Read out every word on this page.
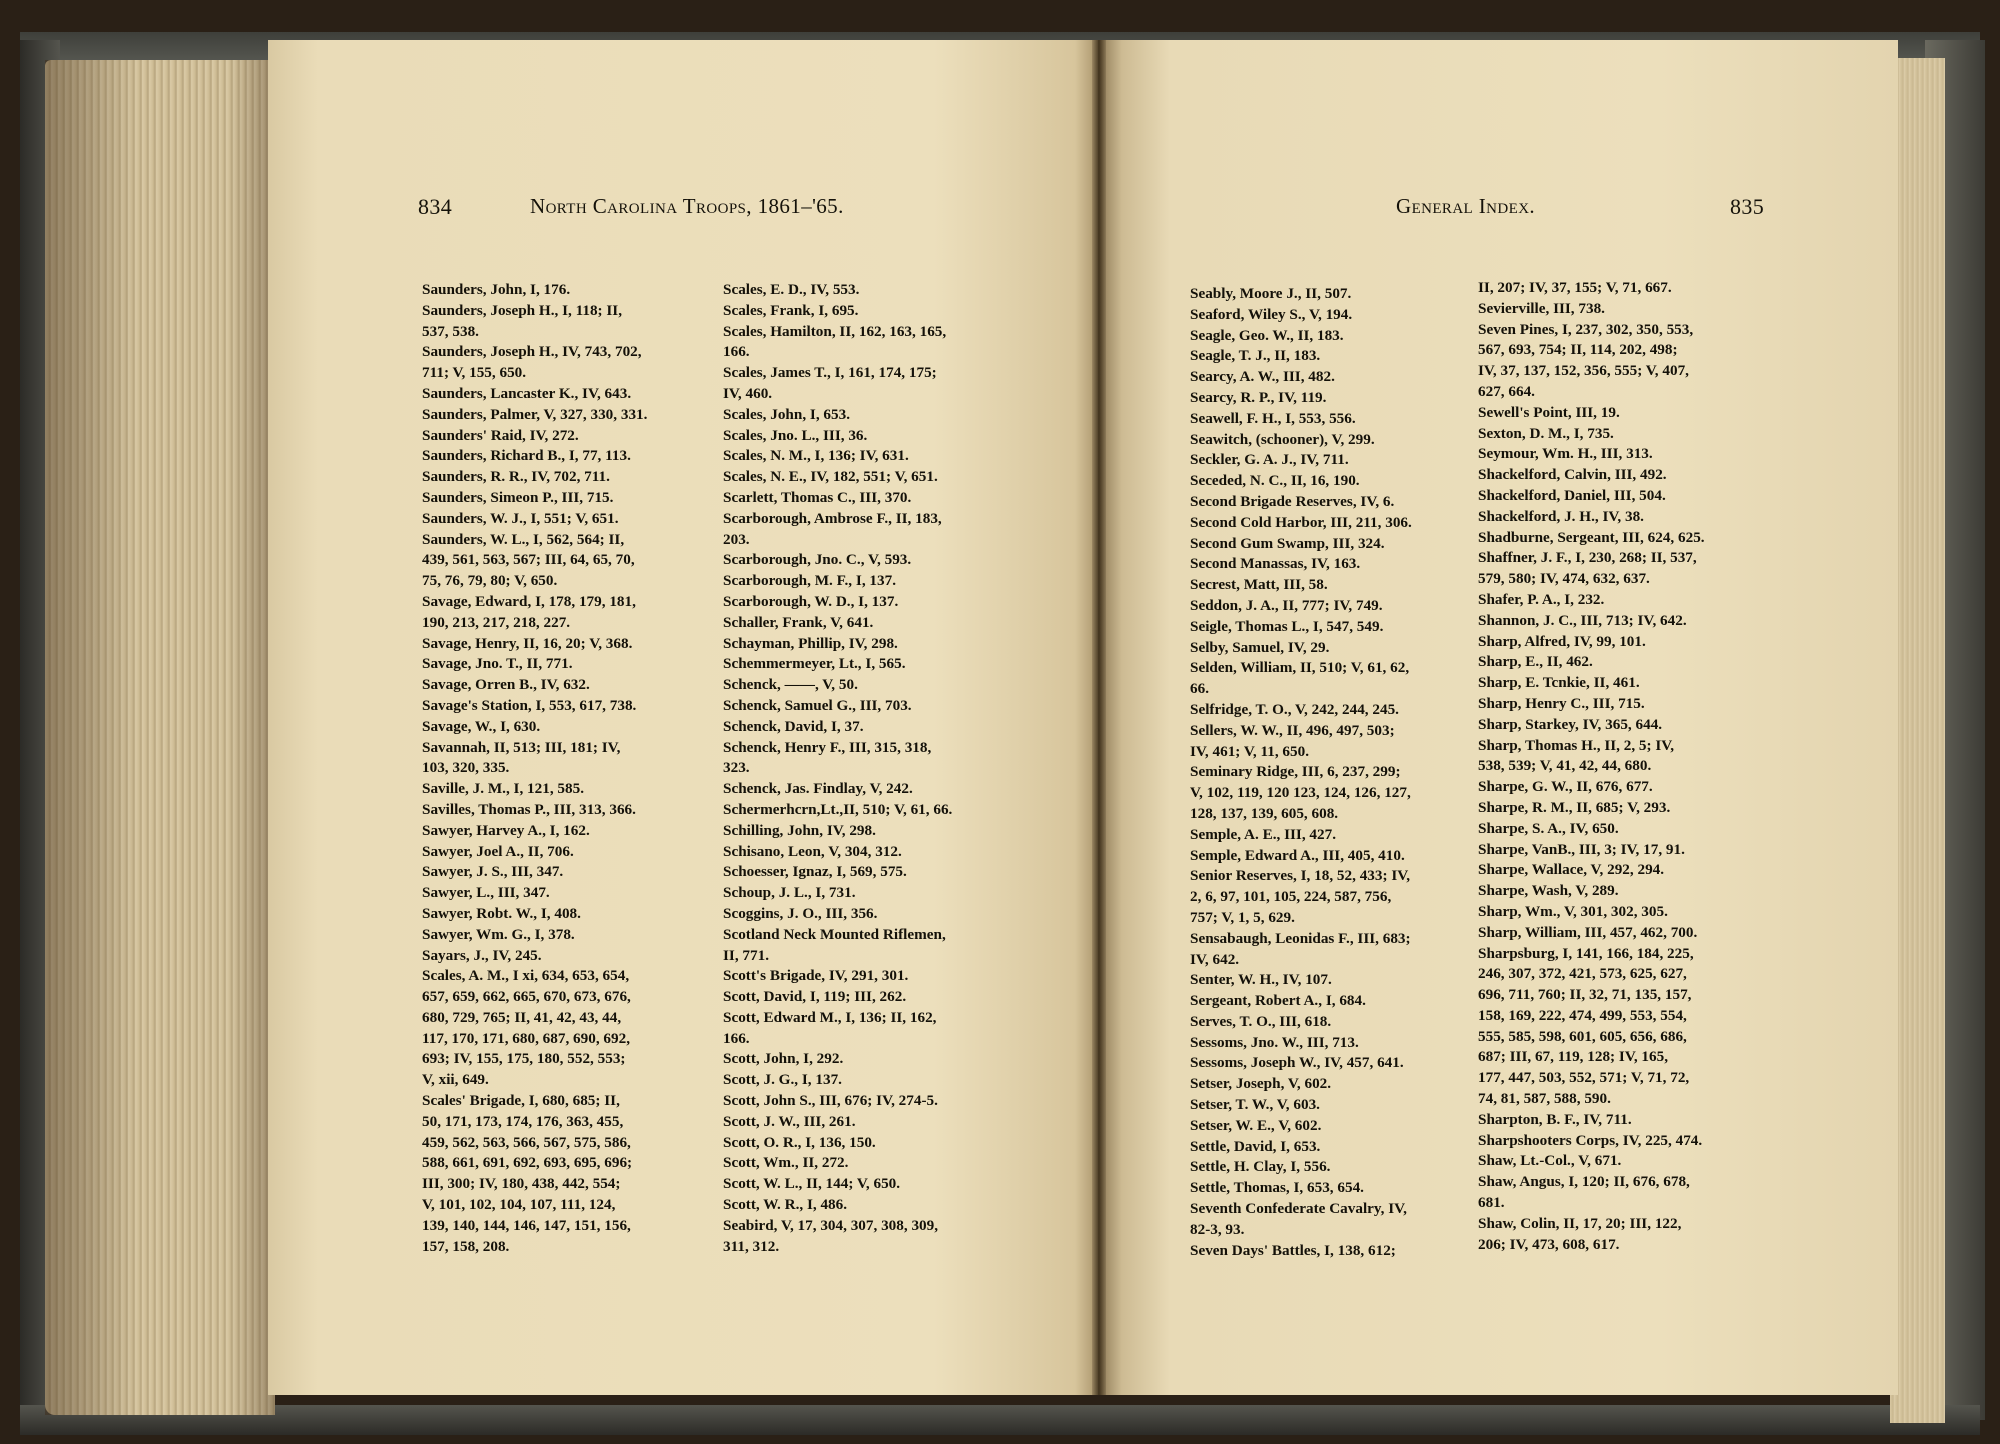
834	North Carolina Troops, 1861–'65.
Saunders, John, I, 176.
Saunders, Joseph H., I, 118; II,
537, 538.
Saunders, Joseph H., IV, 743, 702,
711; V, 155, 650.
Saunders, Lancaster K., IV, 643.
Saunders, Palmer, V, 327, 330, 331.
Saunders' Raid, IV, 272.
Saunders, Richard B., I, 77, 113.
Saunders, R. R., IV, 702, 711.
Saunders, Simeon P., III, 715.
Saunders, W. J., I, 551; V, 651.
Saunders, W. L., I, 562, 564; II,
439, 561, 563, 567; III, 64, 65, 70,
75, 76, 79, 80; V, 650.
Savage, Edward, I, 178, 179, 181,
190, 213, 217, 218, 227.
Savage, Henry, II, 16, 20; V, 368.
Savage, Jno. T., II, 771.
Savage, Orren B., IV, 632.
Savage's Station, I, 553, 617, 738.
Savage, W., I, 630.
Savannah, II, 513; III, 181; IV,
103, 320, 335.
Saville, J. M., I, 121, 585.
Savilles, Thomas P., III, 313, 366.
Sawyer, Harvey A., I, 162.
Sawyer, Joel A., II, 706.
Sawyer, J. S., III, 347.
Sawyer, L., III, 347.
Sawyer, Robt. W., I, 408.
Sawyer, Wm. G., I, 378.
Sayars, J., IV, 245.
Scales, A. M., I xi, 634, 653, 654,
657, 659, 662, 665, 670, 673, 676,
680, 729, 765; II, 41, 42, 43, 44,
117, 170, 171, 680, 687, 690, 692,
693; IV, 155, 175, 180, 552, 553;
V, xii, 649.
Scales' Brigade, I, 680, 685; II,
50, 171, 173, 174, 176, 363, 455,
459, 562, 563, 566, 567, 575, 586,
588, 661, 691, 692, 693, 695, 696;
III, 300; IV, 180, 438, 442, 554;
V, 101, 102, 104, 107, 111, 124,
139, 140, 144, 146, 147, 151, 156,
157, 158, 208.
Scales, E. D., IV, 553.
Scales, Frank, I, 695.
Scales, Hamilton, II, 162, 163, 165,
166.
Scales, James T., I, 161, 174, 175;
IV, 460.
Scales, John, I, 653.
Scales, Jno. L., III, 36.
Scales, N. M., I, 136; IV, 631.
Scales, N. E., IV, 182, 551; V, 651.
Scarlett, Thomas C., III, 370.
Scarborough, Ambrose F., II, 183,
203.
Scarborough, Jno. C., V, 593.
Scarborough, M. F., I, 137.
Scarborough, W. D., I, 137.
Schaller, Frank, V, 641.
Schayman, Phillip, IV, 298.
Schemmermeyer, Lt., I, 565.
Schenck, ——, V, 50.
Schenck, Samuel G., III, 703.
Schenck, David, I, 37.
Schenck, Henry F., III, 315, 318,
323.
Schenck, Jas. Findlay, V, 242.
Schermerhcrn,Lt.,II, 510; V, 61, 66.
Schilling, John, IV, 298.
Schisano, Leon, V, 304, 312.
Schoesser, Ignaz, I, 569, 575.
Schoup, J. L., I, 731.
Scoggins, J. O., III, 356.
Scotland Neck Mounted Riflemen,
II, 771.
Scott's Brigade, IV, 291, 301.
Scott, David, I, 119; III, 262.
Scott, Edward M., I, 136; II, 162,
166.
Scott, John, I, 292.
Scott, J. G., I, 137.
Scott, John S., III, 676; IV, 274-5.
Scott, J. W., III, 261.
Scott, O. R., I, 136, 150.
Scott, Wm., II, 272.
Scott, W. L., II, 144; V, 650.
Scott, W. R., I, 486.
Seabird, V, 17, 304, 307, 308, 309,
311, 312.
General Index.	835
Seably, Moore J., II, 507.
Seaford, Wiley S., V, 194.
Seagle, Geo. W., II, 183.
Seagle, T. J., II, 183.
Searcy, A. W., III, 482.
Searcy, R. P., IV, 119.
Seawell, F. H., I, 553, 556.
Seawitch, (schooner), V, 299.
Seckler, G. A. J., IV, 711.
Seceded, N. C., II, 16, 190.
Second Brigade Reserves, IV, 6.
Second Cold Harbor, III, 211, 306.
Second Gum Swamp, III, 324.
Second Manassas, IV, 163.
Secrest, Matt, III, 58.
Seddon, J. A., II, 777; IV, 749.
Seigle, Thomas L., I, 547, 549.
Selby, Samuel, IV, 29.
Selden, William, II, 510; V, 61, 62,
66.
Selfridge, T. O., V, 242, 244, 245.
Sellers, W. W., II, 496, 497, 503;
IV, 461; V, 11, 650.
Seminary Ridge, III, 6, 237, 299;
V, 102, 119, 120 123, 124, 126, 127,
128, 137, 139, 605, 608.
Semple, A. E., III, 427.
Semple, Edward A., III, 405, 410.
Senior Reserves, I, 18, 52, 433; IV,
2, 6, 97, 101, 105, 224, 587, 756,
757; V, 1, 5, 629.
Sensabaugh, Leonidas F., III, 683;
IV, 642.
Senter, W. H., IV, 107.
Sergeant, Robert A., I, 684.
Serves, T. O., III, 618.
Sessoms, Jno. W., III, 713.
Sessoms, Joseph W., IV, 457, 641.
Setser, Joseph, V, 602.
Setser, T. W., V, 603.
Setser, W. E., V, 602.
Settle, David, I, 653.
Settle, H. Clay, I, 556.
Settle, Thomas, I, 653, 654.
Seventh Confederate Cavalry, IV,
82-3, 93.
Seven Days' Battles, I, 138, 612;
II, 207; IV, 37, 155; V, 71, 667.
Sevierville, III, 738.
Seven Pines, I, 237, 302, 350, 553,
567, 693, 754; II, 114, 202, 498;
IV, 37, 137, 152, 356, 555; V, 407,
627, 664.
Sewell's Point, III, 19.
Sexton, D. M., I, 735.
Seymour, Wm. H., III, 313.
Shackelford, Calvin, III, 492.
Shackelford, Daniel, III, 504.
Shackelford, J. H., IV, 38.
Shadburne, Sergeant, III, 624, 625.
Shaffner, J. F., I, 230, 268; II, 537,
579, 580; IV, 474, 632, 637.
Shafer, P. A., I, 232.
Shannon, J. C., III, 713; IV, 642.
Sharp, Alfred, IV, 99, 101.
Sharp, E., II, 462.
Sharp, E. Tcnkie, II, 461.
Sharp, Henry C., III, 715.
Sharp, Starkey, IV, 365, 644.
Sharp, Thomas H., II, 2, 5; IV,
538, 539; V, 41, 42, 44, 680.
Sharpe, G. W., II, 676, 677.
Sharpe, R. M., II, 685; V, 293.
Sharpe, S. A., IV, 650.
Sharpe, VanB., III, 3; IV, 17, 91.
Sharpe, Wallace, V, 292, 294.
Sharpe, Wash, V, 289.
Sharp, Wm., V, 301, 302, 305.
Sharp, William, III, 457, 462, 700.
Sharpsburg, I, 141, 166, 184, 225,
246, 307, 372, 421, 573, 625, 627,
696, 711, 760; II, 32, 71, 135, 157,
158, 169, 222, 474, 499, 553, 554,
555, 585, 598, 601, 605, 656, 686,
687; III, 67, 119, 128; IV, 165,
177, 447, 503, 552, 571; V, 71, 72,
74, 81, 587, 588, 590.
Sharpton, B. F., IV, 711.
Sharpshooters Corps, IV, 225, 474.
Shaw, Lt.-Col., V, 671.
Shaw, Angus, I, 120; II, 676, 678,
681.
Shaw, Colin, II, 17, 20; III, 122,
206; IV, 473, 608, 617.
